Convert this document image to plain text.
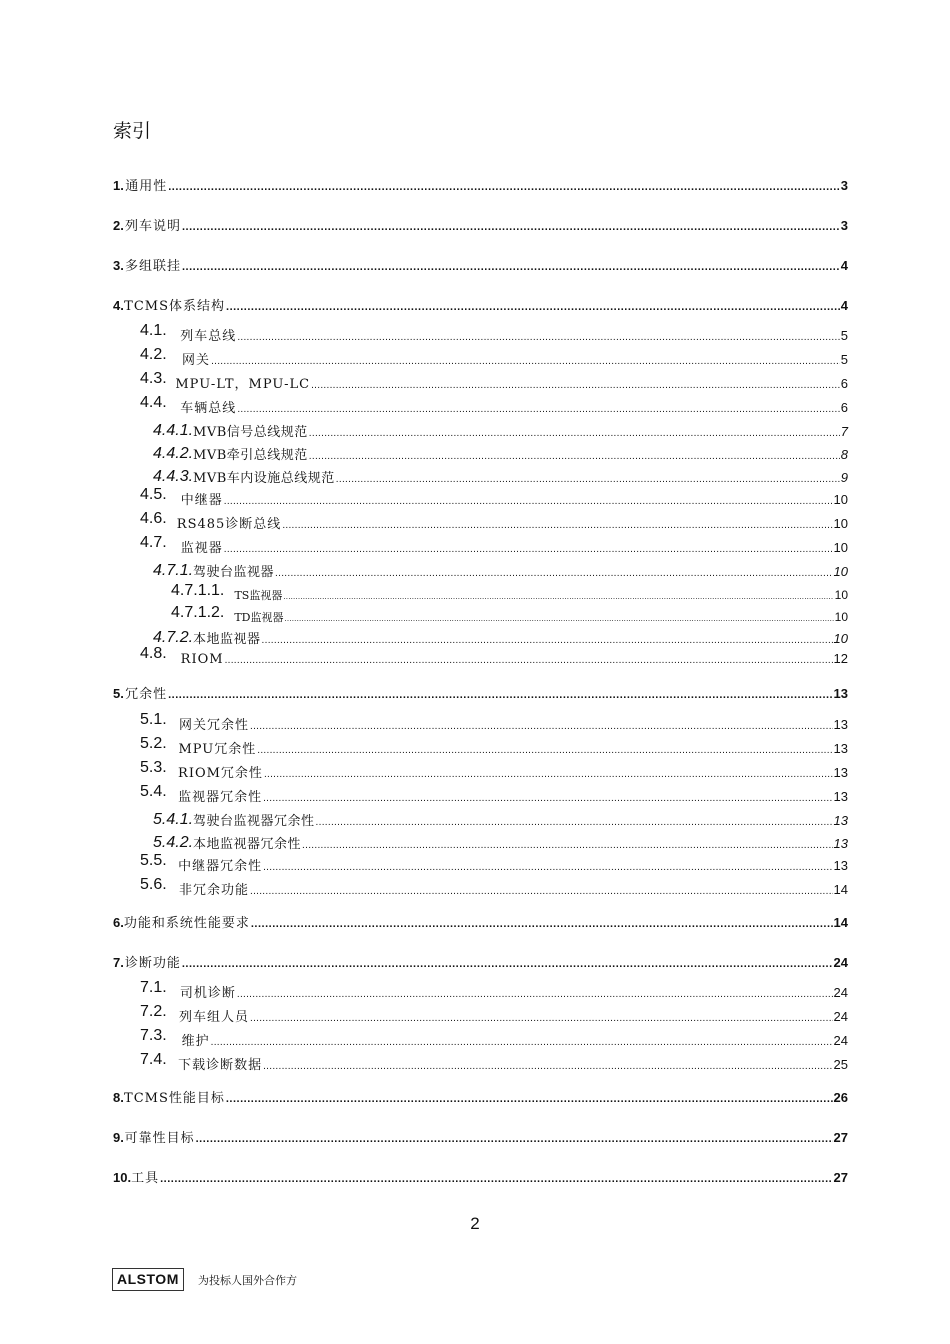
索引
1. 通用性 .....	3
2. 列车说明 .....	3
3. 多组联挂 .....	4
4. TCMS体系结构 .....	4
4.1.	列车总线 .....	5
4.2.	网关 .....	5
4.3. MPU-LT，MPU-LC .....	6
4.4.	车辆总线 .....	6
4.4.1. MVB信号总线规范 .....	7
4.4.2. MVB牵引总线规范 .....	8
4.4.3. MVB车内设施总线规范 .....	9
4.5.	中继器 .....	10
4.6. RS485诊断总线 .....	10
4.7.	监视器 .....	10
4.7.1. 驾驶台监视器 .....	10
4.7.1.1. TS监视器 .....	10
4.7.1.2. TD监视器 .....	10
4.7.2. 本地监视器 .....	10
4.8.	RIOM .....	12
5. 冗余性 .....	13
5.1. 网关冗余性 .....	13
5.2. MPU冗余性 .....	13
5.3. RIOM冗余性 .....	13
5.4. 监视器冗余性 .....	13
5.4.1. 驾驶台监视器冗余性 .....	13
5.4.2. 本地监视器冗余性 .....	13
5.5. 中继器冗余性 .....	13
5.6. 非冗余功能 .....	14
6. 功能和系统性能要求 .....	14
7. 诊断功能 .....	24
7.1.	司机诊断 .....	24
7.2. 列车组人员 .....	24
7.3.	维护 .....	24
7.4. 下载诊断数据 .....	25
8. TCMS性能目标 .....	26
9. 可靠性目标 .....	27
10. 工具 .....	27
2
ALSTOM	为投标人国外合作方
